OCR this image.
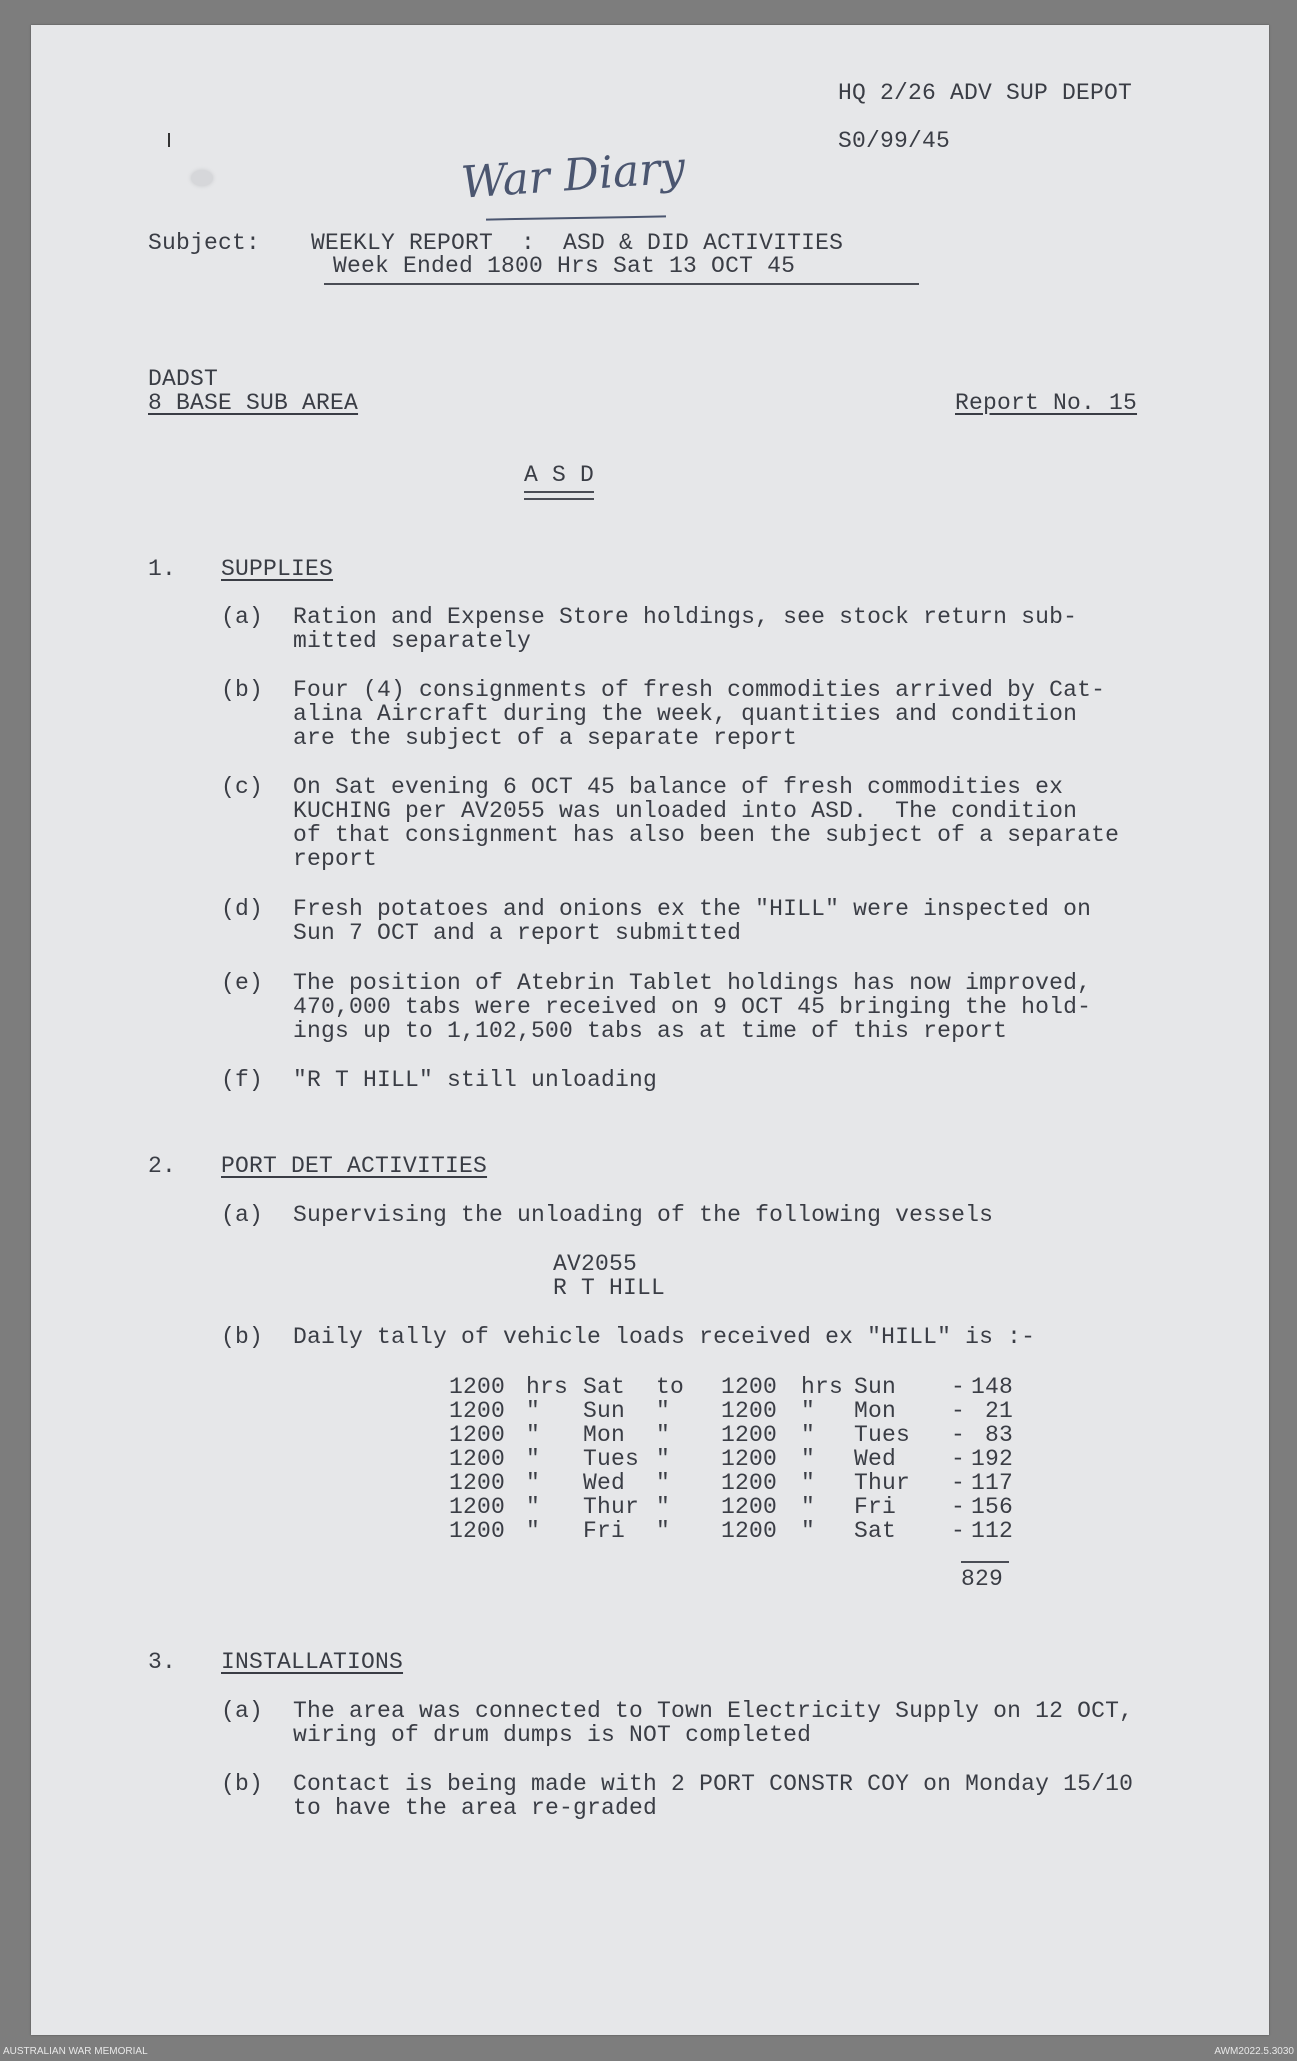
HQ 2/26 ADV SUP DEPOT
S0/99/45
War Diary
Subject: WEEKLY REPORT  :  ASD & DID ACTIVITIES
Week Ended 1800 Hrs Sat 13 OCT 45
DADST
8 BASE SUB AREA	Report No. 15
A S D
1. SUPPLIES
(a) Ration and Expense Store holdings, see stock return sub-
mitted separately
(b) Four (4) consignments of fresh commodities arrived by Cat-
alina Aircraft during the week, quantities and condition
are the subject of a separate report
(c) On Sat evening 6 OCT 45 balance of fresh commodities ex
KUCHING per AV2055 was unloaded into ASD.  The condition
of that consignment has also been the subject of a separate
report
(d) Fresh potatoes and onions ex the "HILL" were inspected on
Sun 7 OCT and a report submitted
(e) The position of Atebrin Tablet holdings has now improved,
470,000 tabs were received on 9 OCT 45 bringing the hold-
ings up to 1,102,500 tabs as at time of this report
(f) "R T HILL" still unloading
2. PORT DET ACTIVITIES
(a) Supervising the unloading of the following vessels
AV2055
R T HILL
(b) Daily tally of vehicle loads received ex "HILL" is :-
1200 hrs Sat to 1200 hrs Sun - 148
1200 " Sun " 1200 " Mon - 21
1200 " Mon " 1200 " Tues - 83
1200 " Tues " 1200 " Wed - 192
1200 " Wed " 1200 " Thur - 117
1200 " Thur " 1200 " Fri - 156
1200 " Fri " 1200 " Sat - 112
829
3. INSTALLATIONS
(a) The area was connected to Town Electricity Supply on 12 OCT,
wiring of drum dumps is NOT completed
(b) Contact is being made with 2 PORT CONSTR COY on Monday 15/10
to have the area re-graded
AUSTRALIAN WAR MEMORIAL	AWM2022.5.3030
